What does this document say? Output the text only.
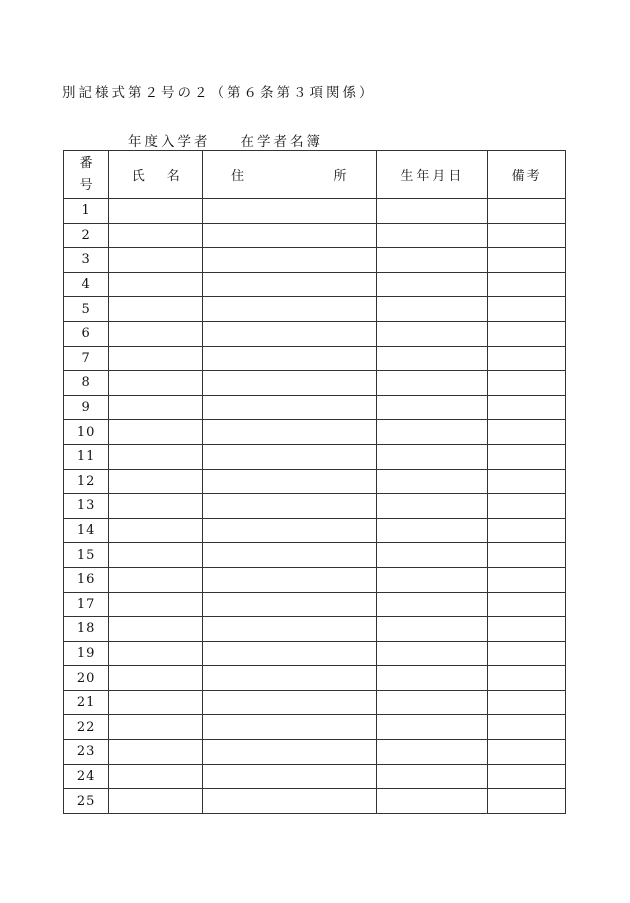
別記様式第２号の２（第６条第３項関係）
年度入学者 在学者名簿
番
号	氏 名	住 所	生年月日	備考
1				
2				
3				
4				
5				
6				
7				
8				
9				
10				
11				
12				
13				
14				
15				
16				
17				
18				
19				
20				
21				
22				
23				
24				
25				
